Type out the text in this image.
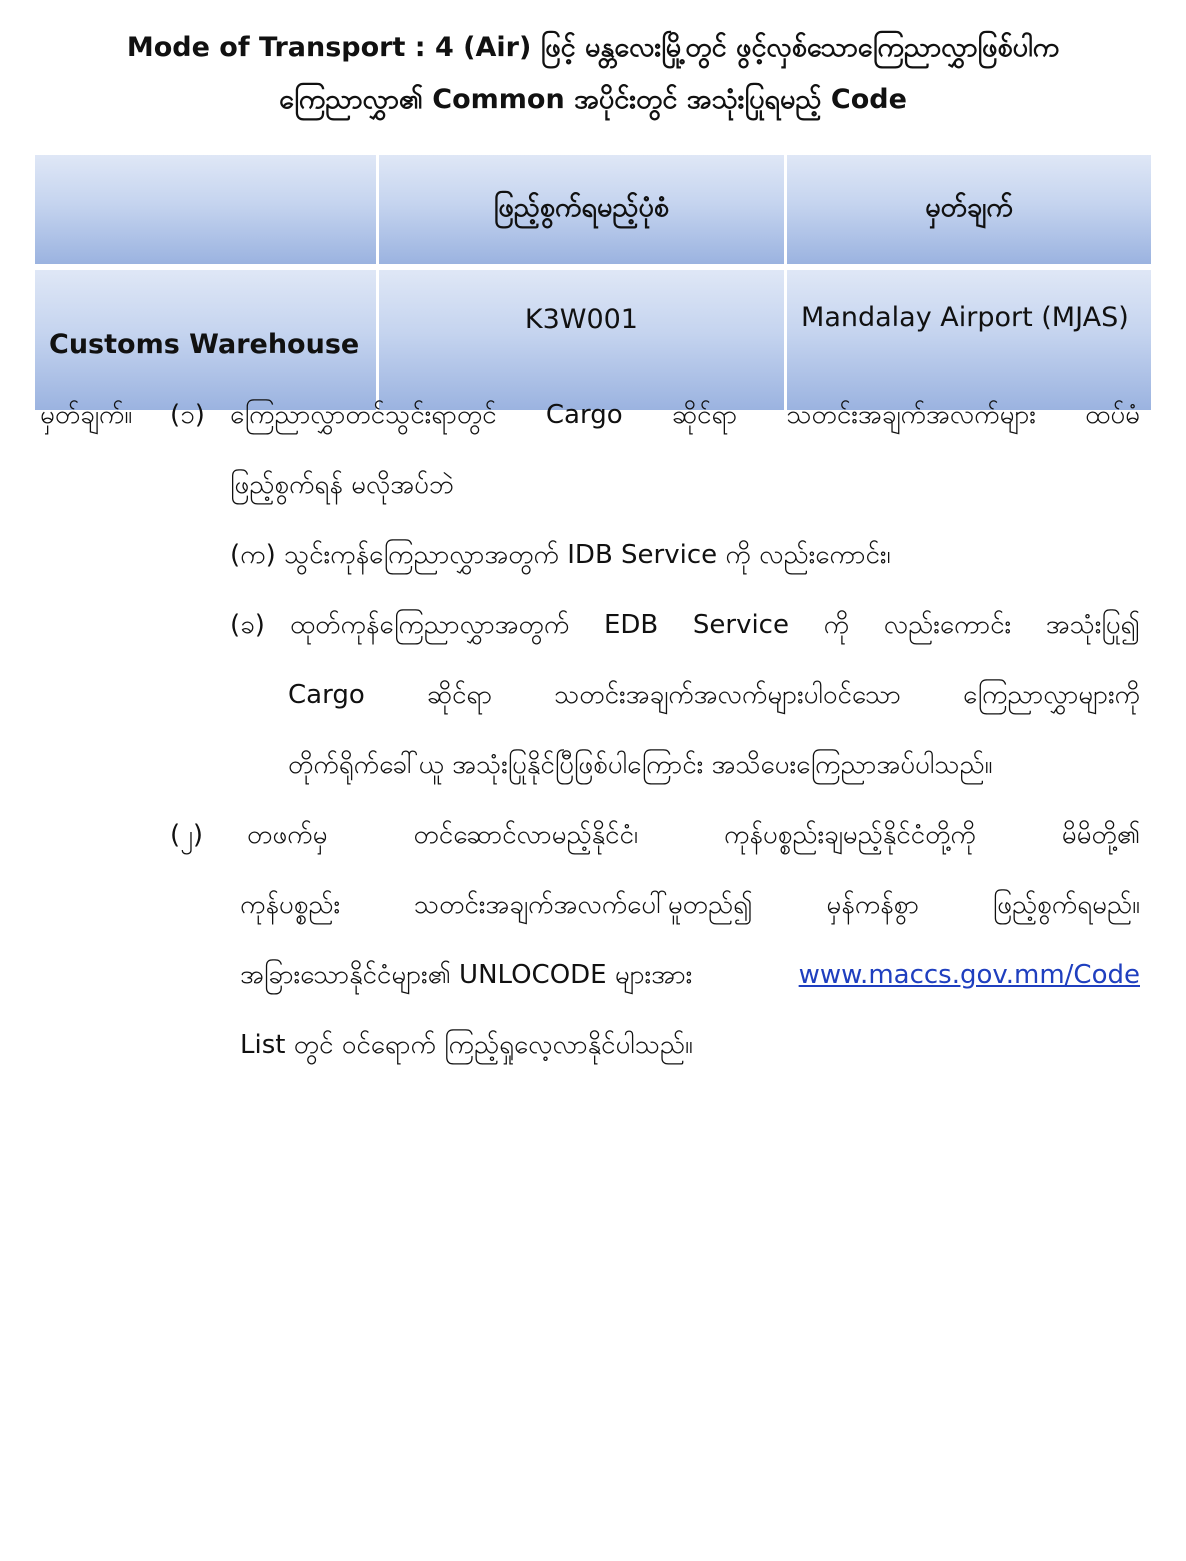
Mode of Transport : 4 (Air) ဖြင့် မန္တလေးမြို့တွင် ဖွင့်လှစ်သောကြေညာလွှာဖြစ်ပါက
ကြေညာလွှာ၏ Common အပိုင်းတွင် အသုံးပြုရမည့် Code
	ဖြည့်စွက်ရမည့်ပုံစံ	မှတ်ချက်
Customs Warehouse	K3W001	Mandalay Airport (MJAS)
မှတ်ချက်။ (၁) ကြေညာလွှာတင်သွင်းရာတွင် Cargo ဆိုင်ရာ သတင်းအချက်အလက်များ ထပ်မံ
ဖြည့်စွက်ရန် မလိုအပ်ဘဲ
(က) သွင်းကုန်ကြေညာလွှာအတွက် IDB Service ကို လည်းကောင်း၊
(ခ) ထုတ်ကုန်ကြေညာလွှာအတွက် EDB Service ကို လည်းကောင်း အသုံးပြု၍
Cargo ဆိုင်ရာ သတင်းအချက်အလက်များပါဝင်သော ကြေညာလွှာများကို
တိုက်ရိုက်ခေါ်ယူ အသုံးပြုနိုင်ပြီဖြစ်ပါကြောင်း အသိပေးကြေညာအပ်ပါသည်။
(၂) တဖက်မှ တင်ဆောင်လာမည့်နိုင်ငံ၊ ကုန်ပစ္စည်းချမည့်နိုင်ငံတို့ကို မိမိတို့၏
ကုန်ပစ္စည်း သတင်းအချက်အလက်ပေါ်မူတည်၍ မှန်ကန်စွာ ဖြည့်စွက်ရမည်။
အခြားသောနိုင်ငံများ၏ UNLOCODE များအား	www.maccs.gov.mm/Code
List တွင် ဝင်ရောက် ကြည့်ရှုလေ့လာနိုင်ပါသည်။
